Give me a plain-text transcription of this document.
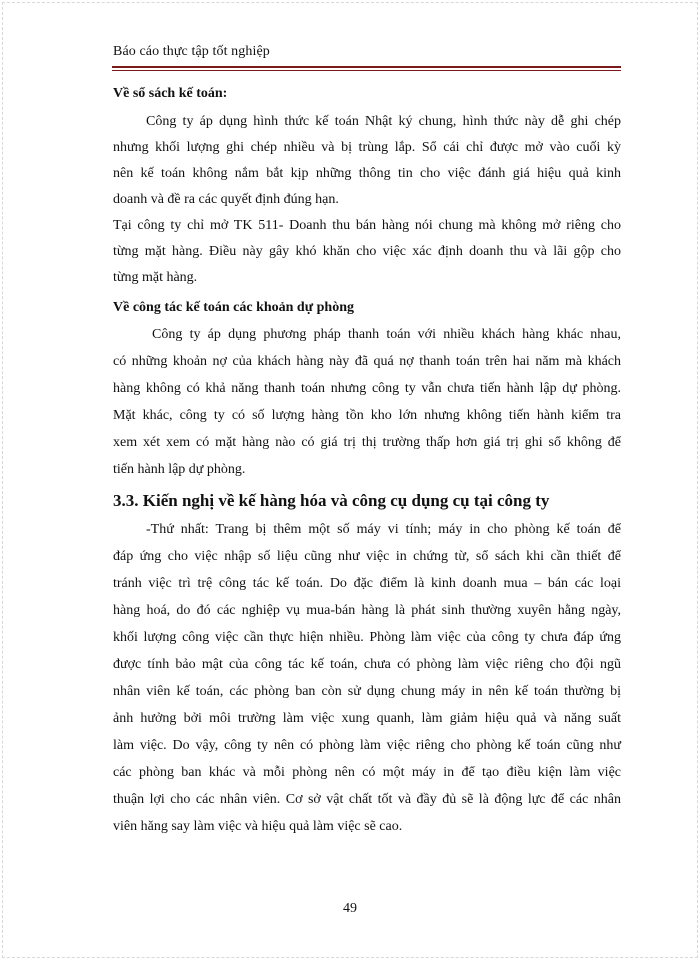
Báo cáo thực tập tốt nghiệp
Về sổ sách kế toán:
Công ty áp dụng hình thức kế toán Nhật ký chung, hình thức này dễ ghi chép
nhưng khối lượng ghi chép nhiều và bị trùng lắp. Sổ cái chỉ được mở vào cuối kỳ
nên kế toán không nắm bắt kịp những thông tin cho việc đánh giá hiệu quả kinh
doanh và đề ra các quyết định đúng hạn.
Tại công ty chỉ mở TK 511- Doanh thu bán hàng nói chung mà không mở riêng cho
từng mặt hàng. Điều này gây khó khăn cho việc xác định doanh thu và lãi gộp cho
từng mặt hàng.
Về công tác kế toán các khoản dự phòng
Công ty áp dụng phương pháp thanh toán với nhiều khách hàng khác nhau,
có những khoản nợ của khách hàng này đã quá nợ thanh toán trên hai năm mà khách
hàng không có khả năng thanh toán nhưng công ty vẫn chưa tiến hành lập dự phòng.
Mặt khác, công ty có số lượng hàng tồn kho lớn nhưng không tiến hành kiểm tra
xem xét xem có mặt hàng nào có giá trị thị trường thấp hơn giá trị ghi sổ không để
tiến hành lập dự phòng.
3.3. Kiến nghị về kế hàng hóa và công cụ dụng cụ tại công ty
-Thứ nhất: Trang bị thêm một số máy vi tính; máy in cho phòng kế toán để
đáp ứng cho việc nhập số liệu cũng như việc in chứng từ, sổ sách khi cần thiết để
tránh việc trì trệ công tác kế toán. Do đặc điểm là kinh doanh mua – bán các loại
hàng hoá, do đó các nghiệp vụ mua-bán hàng là phát sinh thường xuyên hằng ngày,
khối lượng công việc cần thực hiện nhiều. Phòng làm việc của công ty chưa đáp ứng
được tính bảo mật của công tác kế toán, chưa có phòng làm việc riêng cho đội ngũ
nhân viên kế toán, các phòng ban còn sử dụng chung máy in nên kế toán thường bị
ảnh hưởng bởi môi trường làm việc xung quanh, làm giảm hiệu quả và năng suất
làm việc. Do vậy, công ty nên có phòng làm việc riêng cho phòng kế toán cũng như
các phòng ban khác và mỗi phòng nên có một máy in để tạo điều kiện làm việc
thuận lợi cho các nhân viên. Cơ sở vật chất tốt và đầy đủ sẽ là động lực để các nhân
viên hăng say làm việc và hiệu quả làm việc sẽ cao.
49
